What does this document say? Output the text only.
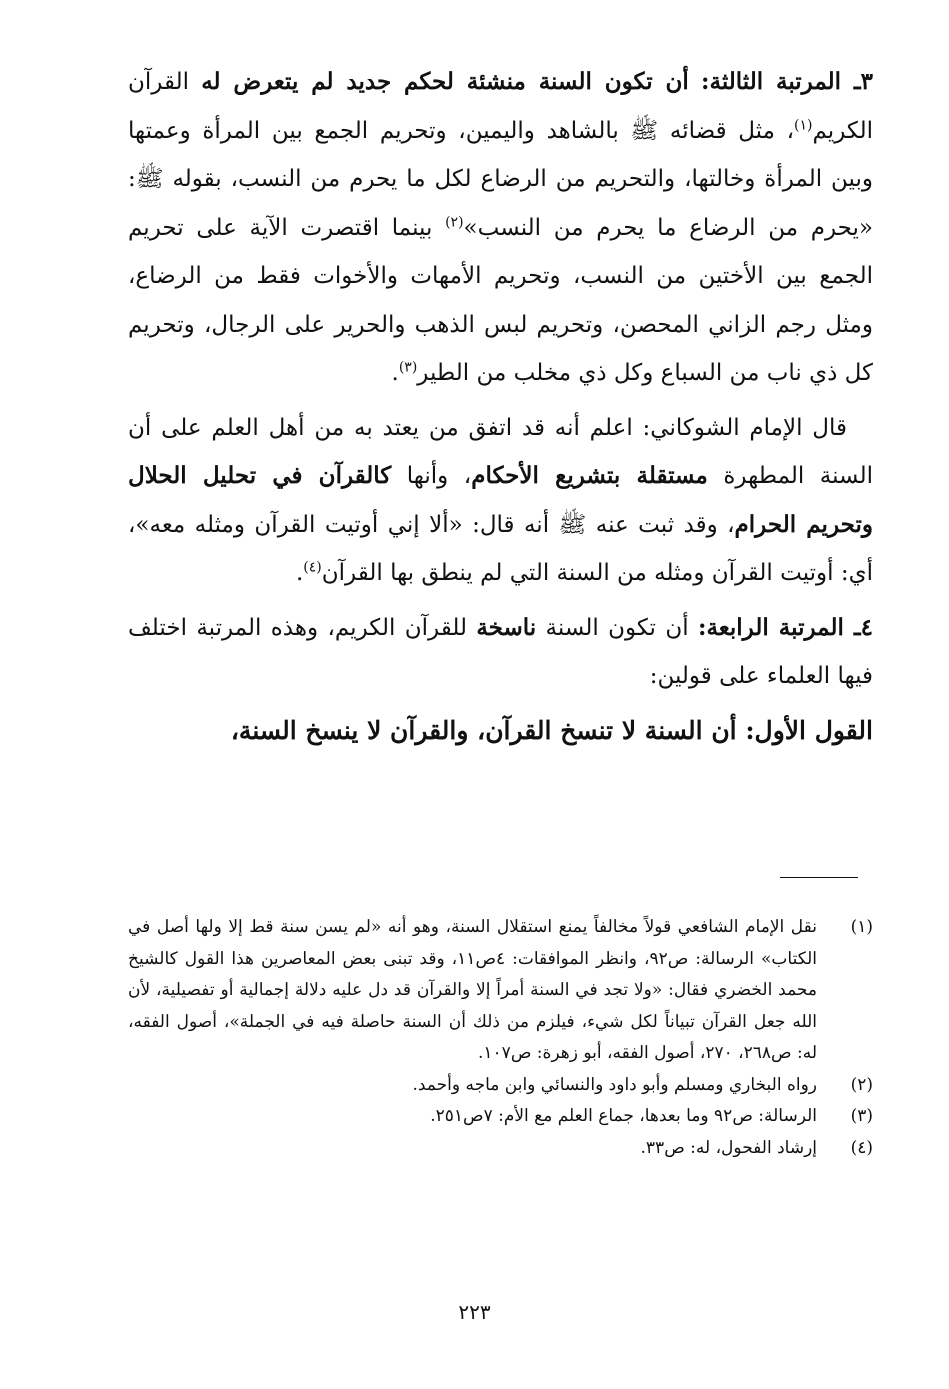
٣ـ المرتبة الثالثة: أن تكون السنة منشئة لحكم جديد لم يتعرض له القرآن الكريم$^{(١)}$، مثل قضائه ﷺ بالشاهد واليمين، وتحريم الجمع بين المرأة وعمتها وبين المرأة وخالتها، والتحريم من الرضاع لكل ما يحرم من النسب، بقوله ﷺ: «يحرم من الرضاع ما يحرم من النسب»$^{(٢)}$ بينما اقتصرت الآية على تحريم الجمع بين الأختين من النسب، وتحريم الأمهات والأخوات فقط من الرضاع، ومثل رجم الزاني المحصن، وتحريم لبس الذهب والحرير على الرجال، وتحريم كل ذي ناب من السباع وكل ذي مخلب من الطير$^{(٣)}$.

قال الإمام الشوكاني: اعلم أنه قد اتفق من يعتد به من أهل العلم على أن السنة المطهرة مستقلة بتشريع الأحكام، وأنها كالقرآن في تحليل الحلال وتحريم الحرام، وقد ثبت عنه ﷺ أنه قال: «ألا إني أوتيت القرآن ومثله معه»، أي: أوتيت القرآن ومثله من السنة التي لم ينطق بها القرآن$^{(٤)}$.

٤ـ المرتبة الرابعة: أن تكون السنة ناسخة للقرآن الكريم، وهذه المرتبة اختلف فيها العلماء على قولين:

القول الأول: أن السنة لا تنسخ القرآن، والقرآن لا ينسخ السنة،

(١)
نقل الإمام الشافعي قولاً مخالفاً يمنع استقلال السنة، وهو أنه «لم يسن سنة قط إلا ولها أصل في الكتاب» الرسالة: ص٩٢، وانظر الموافقات: ٤ص١١، وقد تبنى بعض المعاصرين هذا القول كالشيخ محمد الخضري فقال: «ولا تجد في السنة أمراً إلا والقرآن قد دل عليه دلالة إجمالية أو تفصيلية، لأن الله جعل القرآن تبياناً لكل شيء، فيلزم من ذلك أن السنة حاصلة فيه في الجملة»، أصول الفقه، له: ص٢٦٨، ٢٧٠، أصول الفقه، أبو زهرة: ص١٠٧.
(٢)
رواه البخاري ومسلم وأبو داود والنسائي وابن ماجه وأحمد.
(٣)
الرسالة: ص٩٢ وما بعدها، جماع العلم مع الأم: ٧ص٢٥١.
(٤)
إرشاد الفحول، له: ص٣٣.
٢٢٣
